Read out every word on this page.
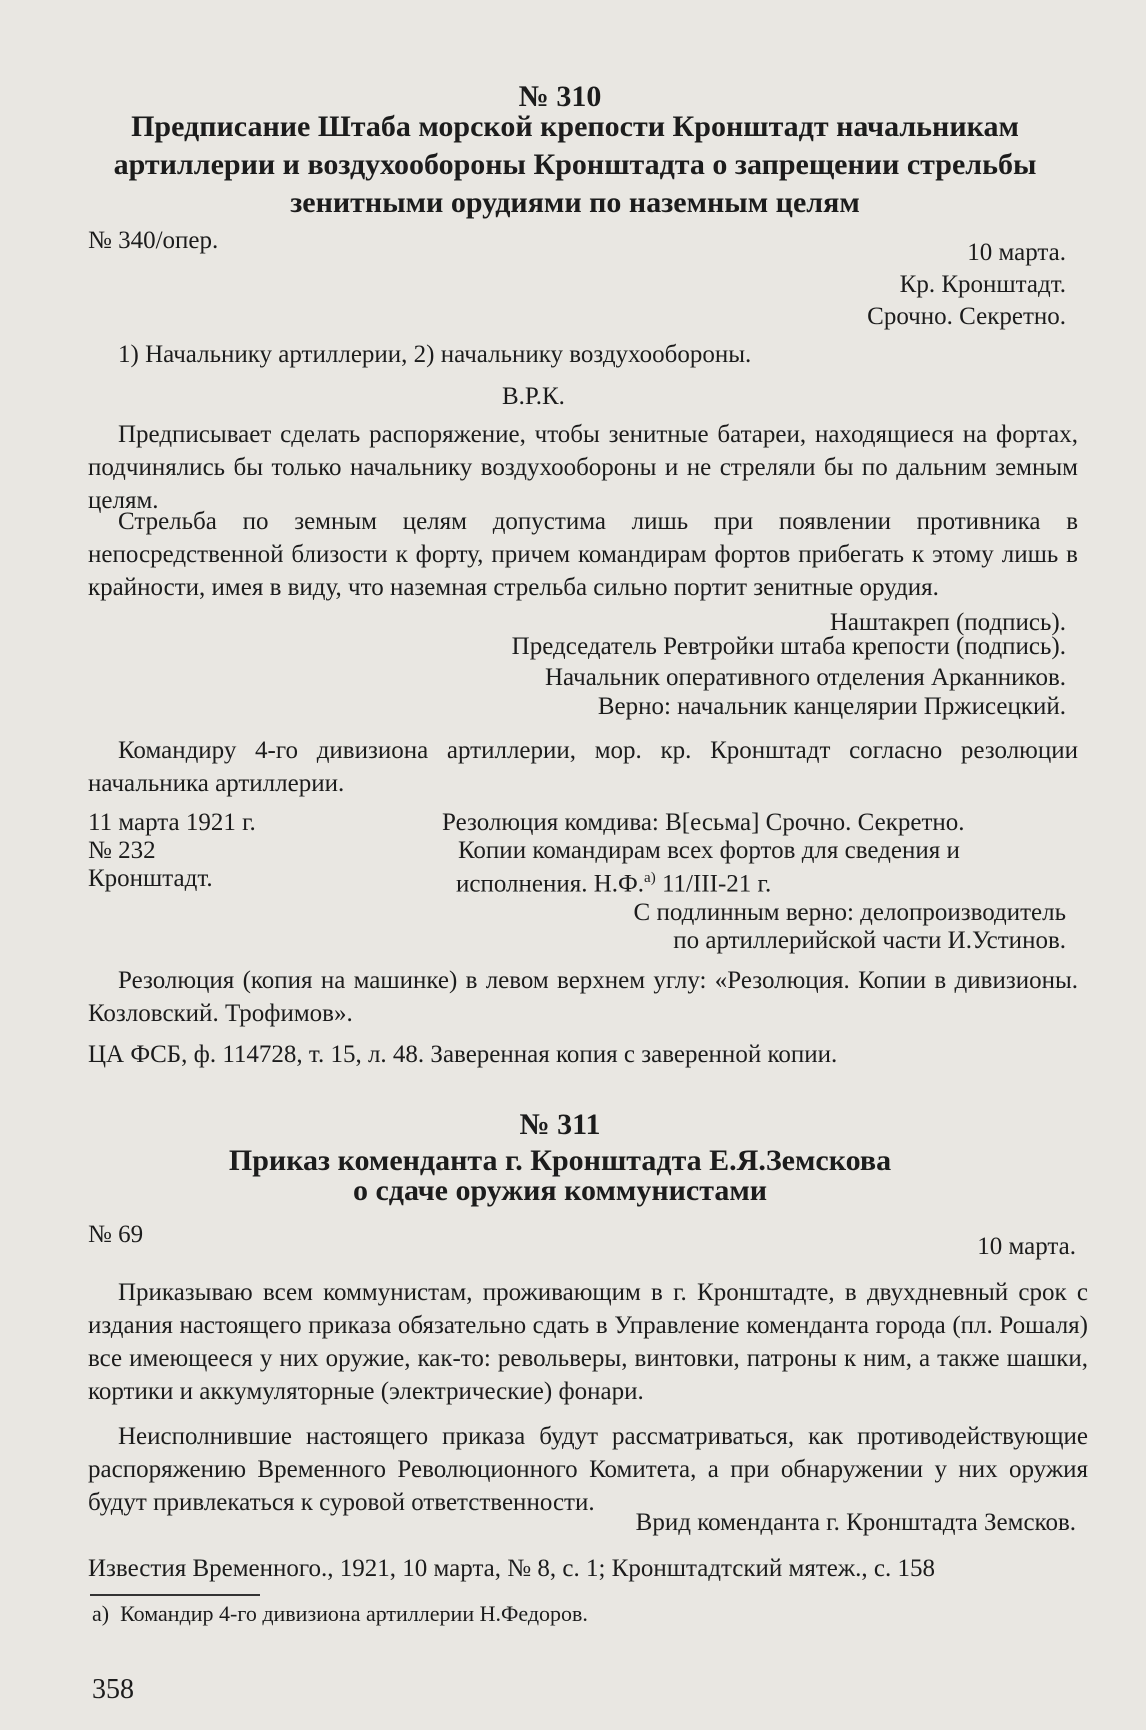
№ 310
Предписание Штаба морской крепости Кронштадт начальникам артиллерии и воздухообороны Кронштадта о запрещении стрельбы зенитными орудиями по наземным целям
№ 340/опер.	10 марта.
Кр. Кронштадт.
Срочно. Секретно.
1) Начальнику артиллерии, 2) начальнику воздухообороны.
В.Р.К.
Предписывает сделать распоряжение, чтобы зенитные батареи, находящиеся на фортах, подчинялись бы только начальнику воздухообороны и не стреляли бы по дальним земным целям.
Стрельба по земным целям допустима лишь при появлении противника в непосредственной близости к форту, причем командирам фортов прибегать к этому лишь в крайности, имея в виду, что наземная стрельба сильно портит зенитные орудия.
Наштакреп (подпись).
Председатель Ревтройки штаба крепости (подпись).
Начальник оперативного отделения Арканников.
Верно: начальник канцелярии Пржисецкий.
Командиру 4-го дивизиона артиллерии, мор. кр. Кронштадт согласно резолюции начальника артиллерии.
11 марта 1921 г.
№ 232
Кронштадт.
Резолюция комдива: В[есьма] Срочно. Секретно.
Копии командирам всех фортов для сведения и
исполнения. Н.Ф.$^{а)}$ 11/III-21 г.
С подлинным верно: делопроизводитель
по артиллерийской части И.Устинов.
Резолюция (копия на машинке) в левом верхнем углу: «Резолюция. Копии в дивизионы. Козловский. Трофимов».
ЦА ФСБ, ф. 114728, т. 15, л. 48. Заверенная копия с заверенной копии.
№ 311
Приказ коменданта г. Кронштадта Е.Я.Земскова
о сдаче оружия коммунистами
№ 69	10 марта.
Приказываю всем коммунистам, проживающим в г. Кронштадте, в двухдневный срок с издания настоящего приказа обязательно сдать в Управление коменданта города (пл. Рошаля) все имеющееся у них оружие, как-то: револьверы, винтовки, патроны к ним, а также шашки, кортики и аккумуляторные (электрические) фонари.
Неисполнившие настоящего приказа будут рассматриваться, как противодействующие распоряжению Временного Революционного Комитета, а при обнаружении у них оружия будут привлекаться к суровой ответственности.
Врид коменданта г. Кронштадта Земсков.
Известия Временного., 1921, 10 марта, № 8, с. 1; Кронштадтский мятеж., с. 158
а) Командир 4-го дивизиона артиллерии Н.Федоров.
358
